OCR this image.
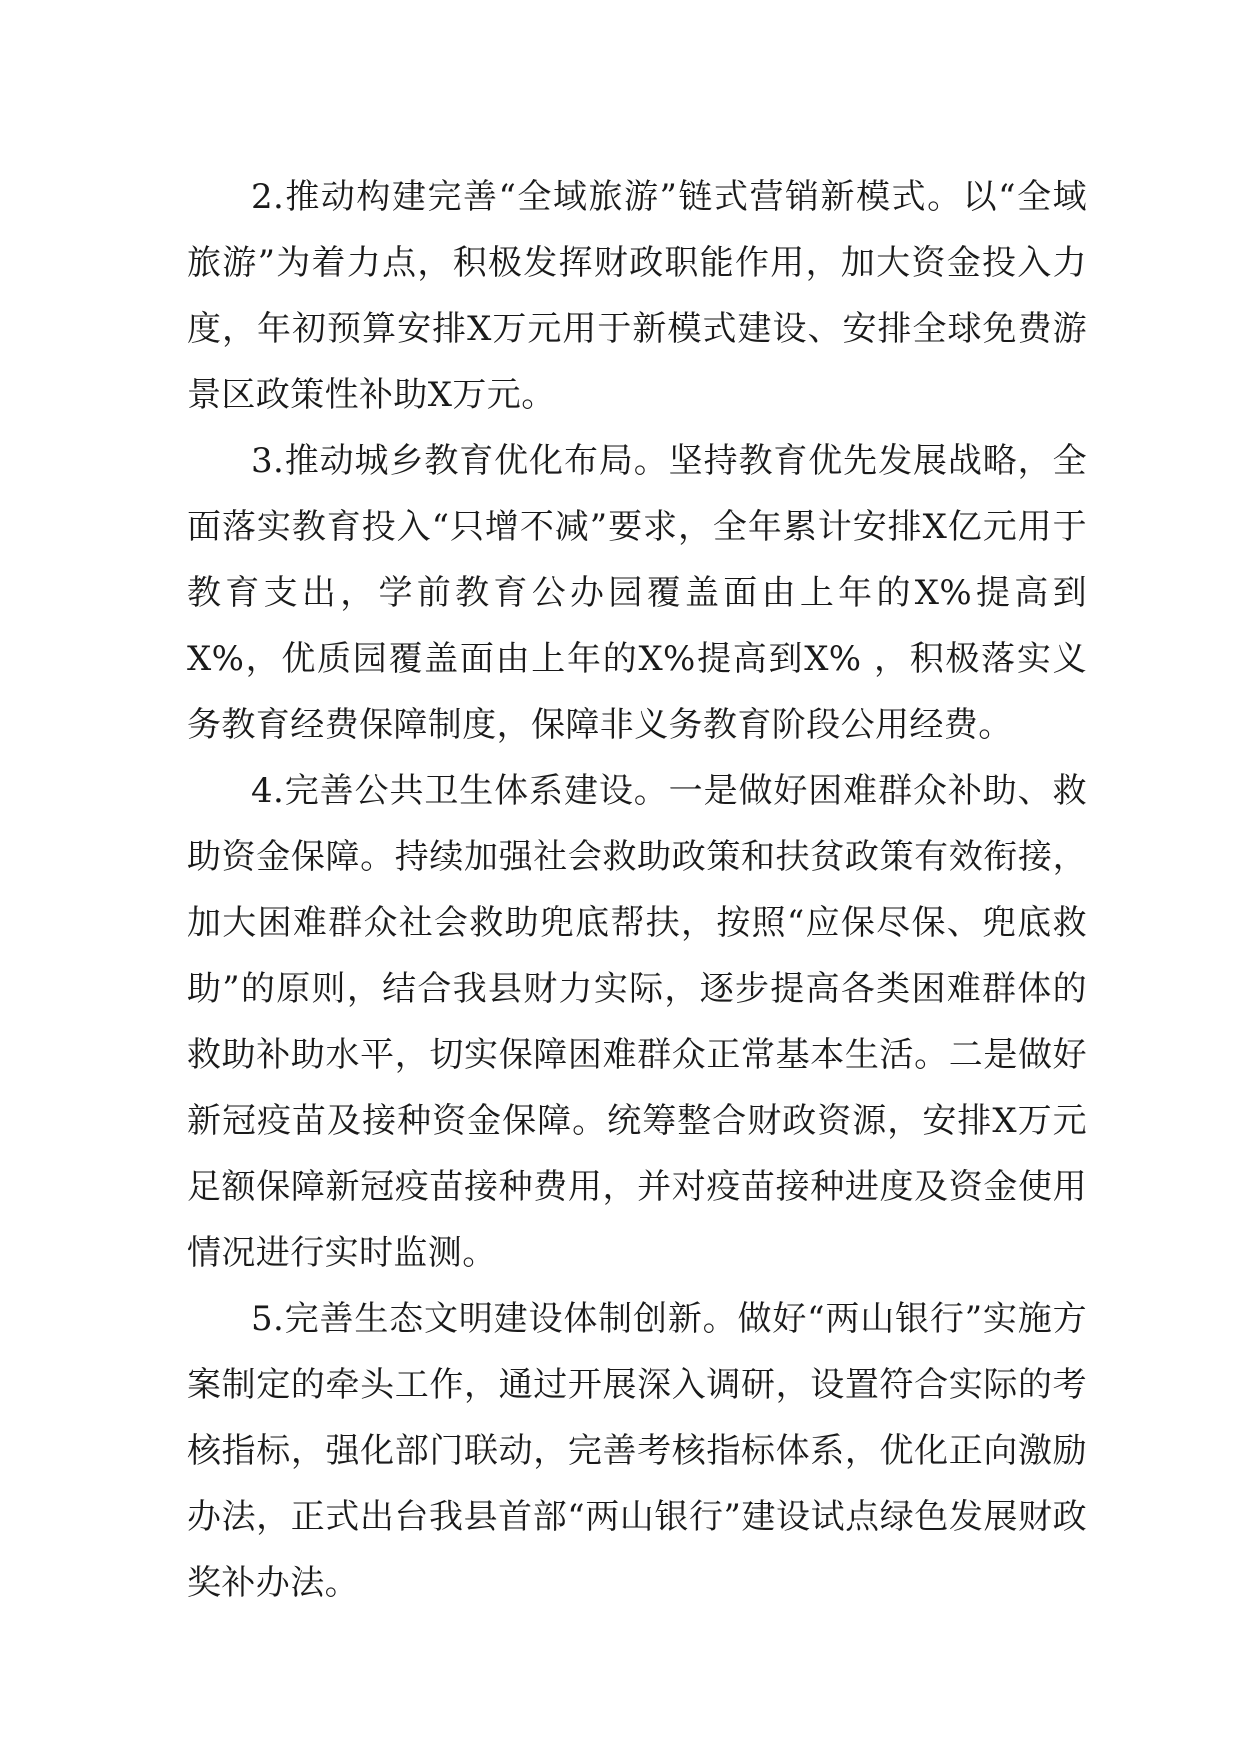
2.推动构建完善“全域旅游”链式营销新模式。以“全域旅游”为着力点，积极发挥财政职能作用，加大资金投入力度，年初预算安排X万元用于新模式建设、安排全球免费游景区政策性补助X万元。

3.推动城乡教育优化布局。坚持教育优先发展战略，全面落实教育投入“只增不减”要求，全年累计安排X亿元用于教育支出，学前教育公办园覆盖面由上年的X%提高到X%，优质园覆盖面由上年的X%提高到X% ，积极落实义务教育经费保障制度，保障非义务教育阶段公用经费。

4.完善公共卫生体系建设。一是做好困难群众补助、救助资金保障。持续加强社会救助政策和扶贫政策有效衔接，加大困难群众社会救助兜底帮扶，按照“应保尽保、兜底救助”的原则，结合我县财力实际，逐步提高各类困难群体的救助补助水平，切实保障困难群众正常基本生活。二是做好新冠疫苗及接种资金保障。统筹整合财政资源，安排X万元足额保障新冠疫苗接种费用，并对疫苗接种进度及资金使用情况进行实时监测。

5.完善生态文明建设体制创新。做好“两山银行”实施方案制定的牵头工作，通过开展深入调研，设置符合实际的考核指标，强化部门联动，完善考核指标体系，优化正向激励办法，正式出台我县首部“两山银行”建设试点绿色发展财政奖补办法。
